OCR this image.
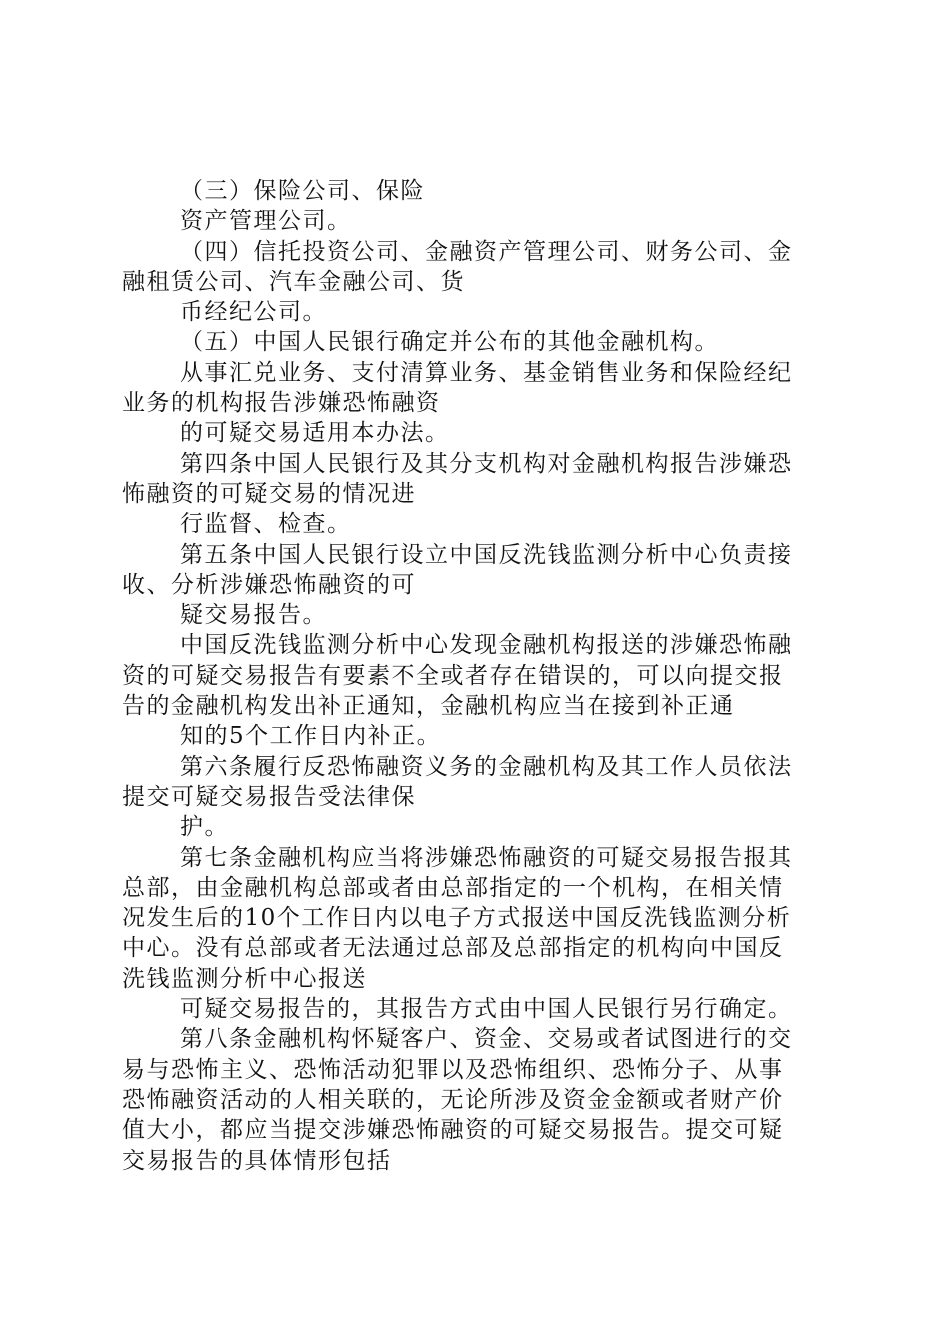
（三）保险公司、保险
资产管理公司。
（四）信托投资公司、金融资产管理公司、财务公司、金
融租赁公司、汽车金融公司、货
币经纪公司。
（五）中国人民银行确定并公布的其他金融机构。
从事汇兑业务、支付清算业务、基金销售业务和保险经纪
业务的机构报告涉嫌恐怖融资
的可疑交易适用本办法。
第四条中国人民银行及其分支机构对金融机构报告涉嫌恐
怖融资的可疑交易的情况进
行监督、检查。
第五条中国人民银行设立中国反洗钱监测分析中心负责接
收、分析涉嫌恐怖融资的可
疑交易报告。
中国反洗钱监测分析中心发现金融机构报送的涉嫌恐怖融
资的可疑交易报告有要素不全或者存在错误的，可以向提交报
告的金融机构发出补正通知，金融机构应当在接到补正通
知的5个工作日内补正。
第六条履行反恐怖融资义务的金融机构及其工作人员依法
提交可疑交易报告受法律保
护。
第七条金融机构应当将涉嫌恐怖融资的可疑交易报告报其
总部，由金融机构总部或者由总部指定的一个机构，在相关情
况发生后的10个工作日内以电子方式报送中国反洗钱监测分析
中心。没有总部或者无法通过总部及总部指定的机构向中国反
洗钱监测分析中心报送
可疑交易报告的，其报告方式由中国人民银行另行确定。
第八条金融机构怀疑客户、资金、交易或者试图进行的交
易与恐怖主义、恐怖活动犯罪以及恐怖组织、恐怖分子、从事
恐怖融资活动的人相关联的，无论所涉及资金金额或者财产价
值大小，都应当提交涉嫌恐怖融资的可疑交易报告。提交可疑
交易报告的具体情形包括
